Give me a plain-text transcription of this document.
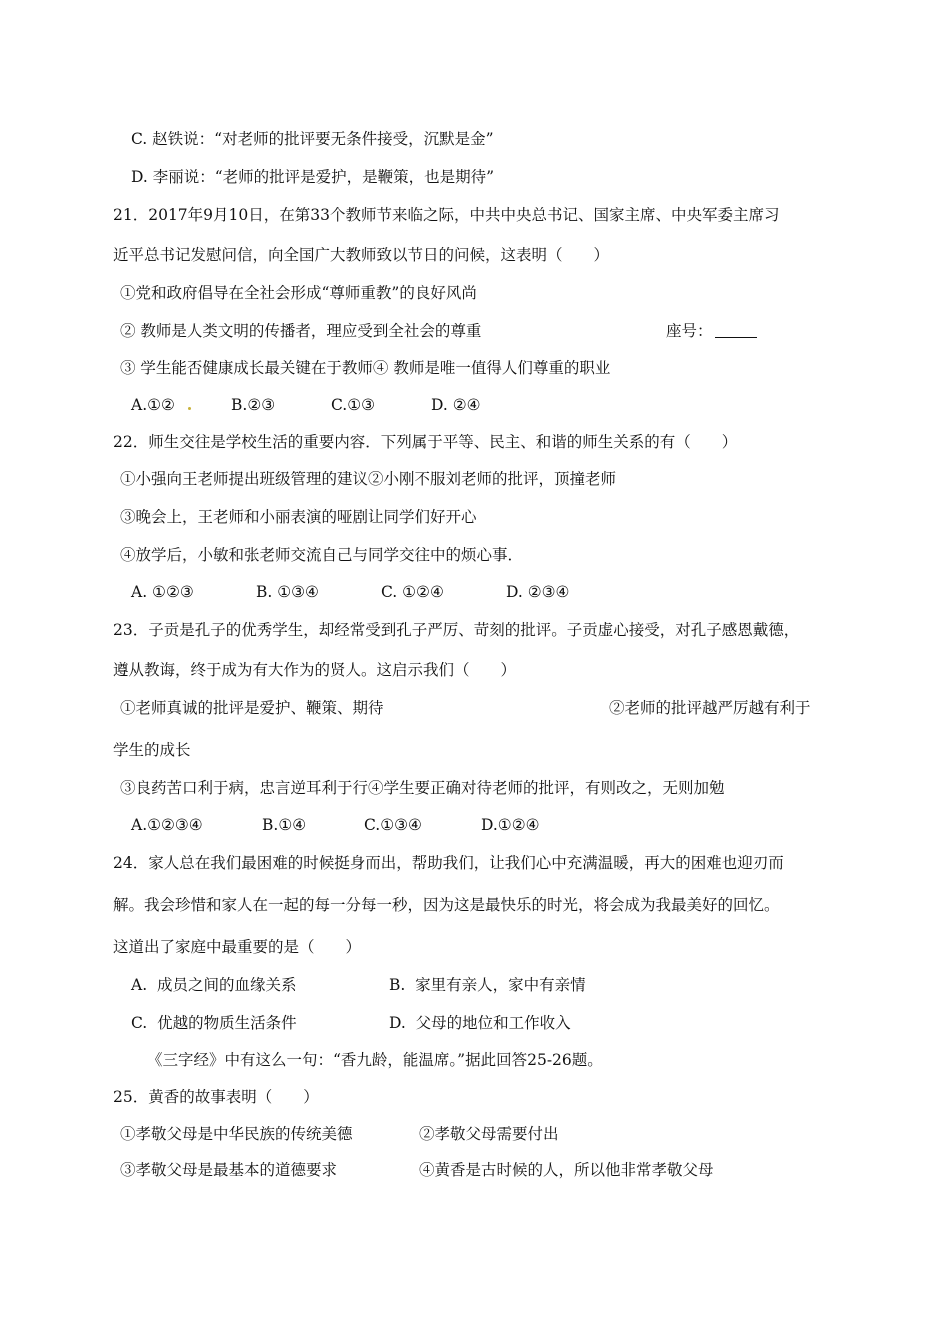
C. 赵铁说：“对老师的批评要无条件接受，沉默是金”
D. 李丽说：“老师的批评是爱护，是鞭策，也是期待”
21．2017年9月10日，在第33个教师节来临之际，中共中央总书记、国家主席、中央军委主席习
近平总书记发慰问信，向全国广大教师致以节日的问候，这表明（　　）
①党和政府倡导在全社会形成“尊师重教”的良好风尚
② 教师是人类文明的传播者，理应受到全社会的尊重	座号：
③ 学生能否健康成长最关键在于教师④ 教师是唯一值得人们尊重的职业
A.①②	B.②③	C.①③	D. ②④
22．师生交往是学校生活的重要内容．下列属于平等、民主、和谐的师生关系的有（　　）
①小强向王老师提出班级管理的建议②小刚不服刘老师的批评，顶撞老师
③晚会上，王老师和小丽表演的哑剧让同学们好开心
④放学后，小敏和张老师交流自己与同学交往中的烦心事．
A. ①②③	B. ①③④	C. ①②④	D. ②③④
23．子贡是孔子的优秀学生，却经常受到孔子严厉、苛刻的批评。子贡虚心接受，对孔子感恩戴德，
遵从教诲，终于成为有大作为的贤人。这启示我们（　　）
①老师真诚的批评是爱护、鞭策、期待	②老师的批评越严厉越有利于
学生的成长
③良药苦口利于病，忠言逆耳利于行④学生要正确对待老师的批评，有则改之，无则加勉
A.①②③④	B.①④	C.①③④	D.①②④
24．家人总在我们最困难的时候挺身而出，帮助我们，让我们心中充满温暖，再大的困难也迎刃而
解。我会珍惜和家人在一起的每一分每一秒，因为这是最快乐的时光，将会成为我最美好的回忆。
这道出了家庭中最重要的是（　　）
A.  成员之间的血缘关系	B.  家里有亲人，家中有亲情
C.  优越的物质生活条件	D.  父母的地位和工作收入
《三字经》中有这么一句：“香九龄，能温席。”据此回答25-26题。
25．黄香的故事表明（　　）
①孝敬父母是中华民族的传统美德	②孝敬父母需要付出
③孝敬父母是最基本的道德要求	④黄香是古时候的人，所以他非常孝敬父母
